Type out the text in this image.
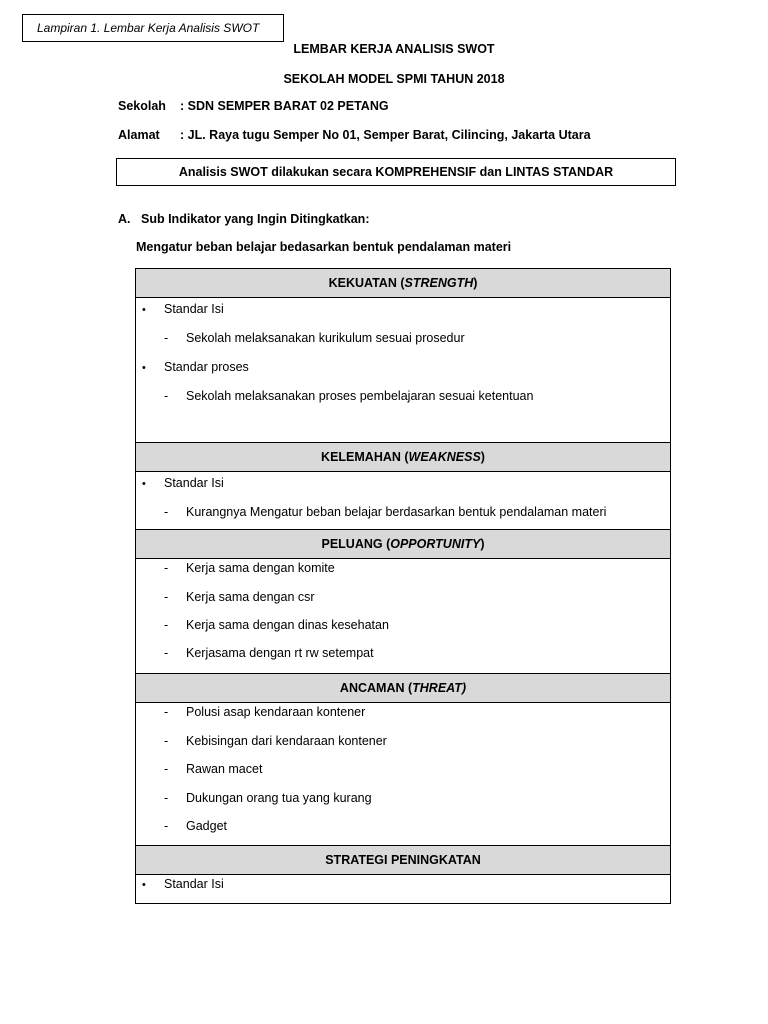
Lampiran 1. Lembar Kerja Analisis SWOT
LEMBAR KERJA ANALISIS SWOT
SEKOLAH MODEL SPMI TAHUN 2018
Sekolah : SDN SEMPER BARAT 02 PETANG
Alamat : JL. Raya tugu Semper No 01, Semper Barat, Cilincing, Jakarta Utara
Analisis SWOT dilakukan secara KOMPREHENSIF dan LINTAS STANDAR
A. Sub Indikator yang Ingin Ditingkatkan:
Mengatur beban belajar bedasarkan bentuk pendalaman materi
KEKUATAN ( STRENGTH )
• Standar Isi
- Sekolah melaksanakan kurikulum sesuai prosedur
• Standar proses
- Sekolah melaksanakan proses pembelajaran sesuai ketentuan
KELEMAHAN ( WEAKNESS )
• Standar Isi
- Kurangnya Mengatur beban belajar berdasarkan bentuk pendalaman materi
PELUANG ( OPPORTUNITY )
- Kerja sama dengan komite
- Kerja sama dengan csr
- Kerja sama dengan dinas kesehatan
- Kerjasama dengan rt rw setempat
ANCAMAN ( THREAT)
- Polusi asap kendaraan kontener
- Kebisingan dari kendaraan kontener
- Rawan macet
- Dukungan orang tua yang kurang
- Gadget
STRATEGI PENINGKATAN
• Standar Isi
